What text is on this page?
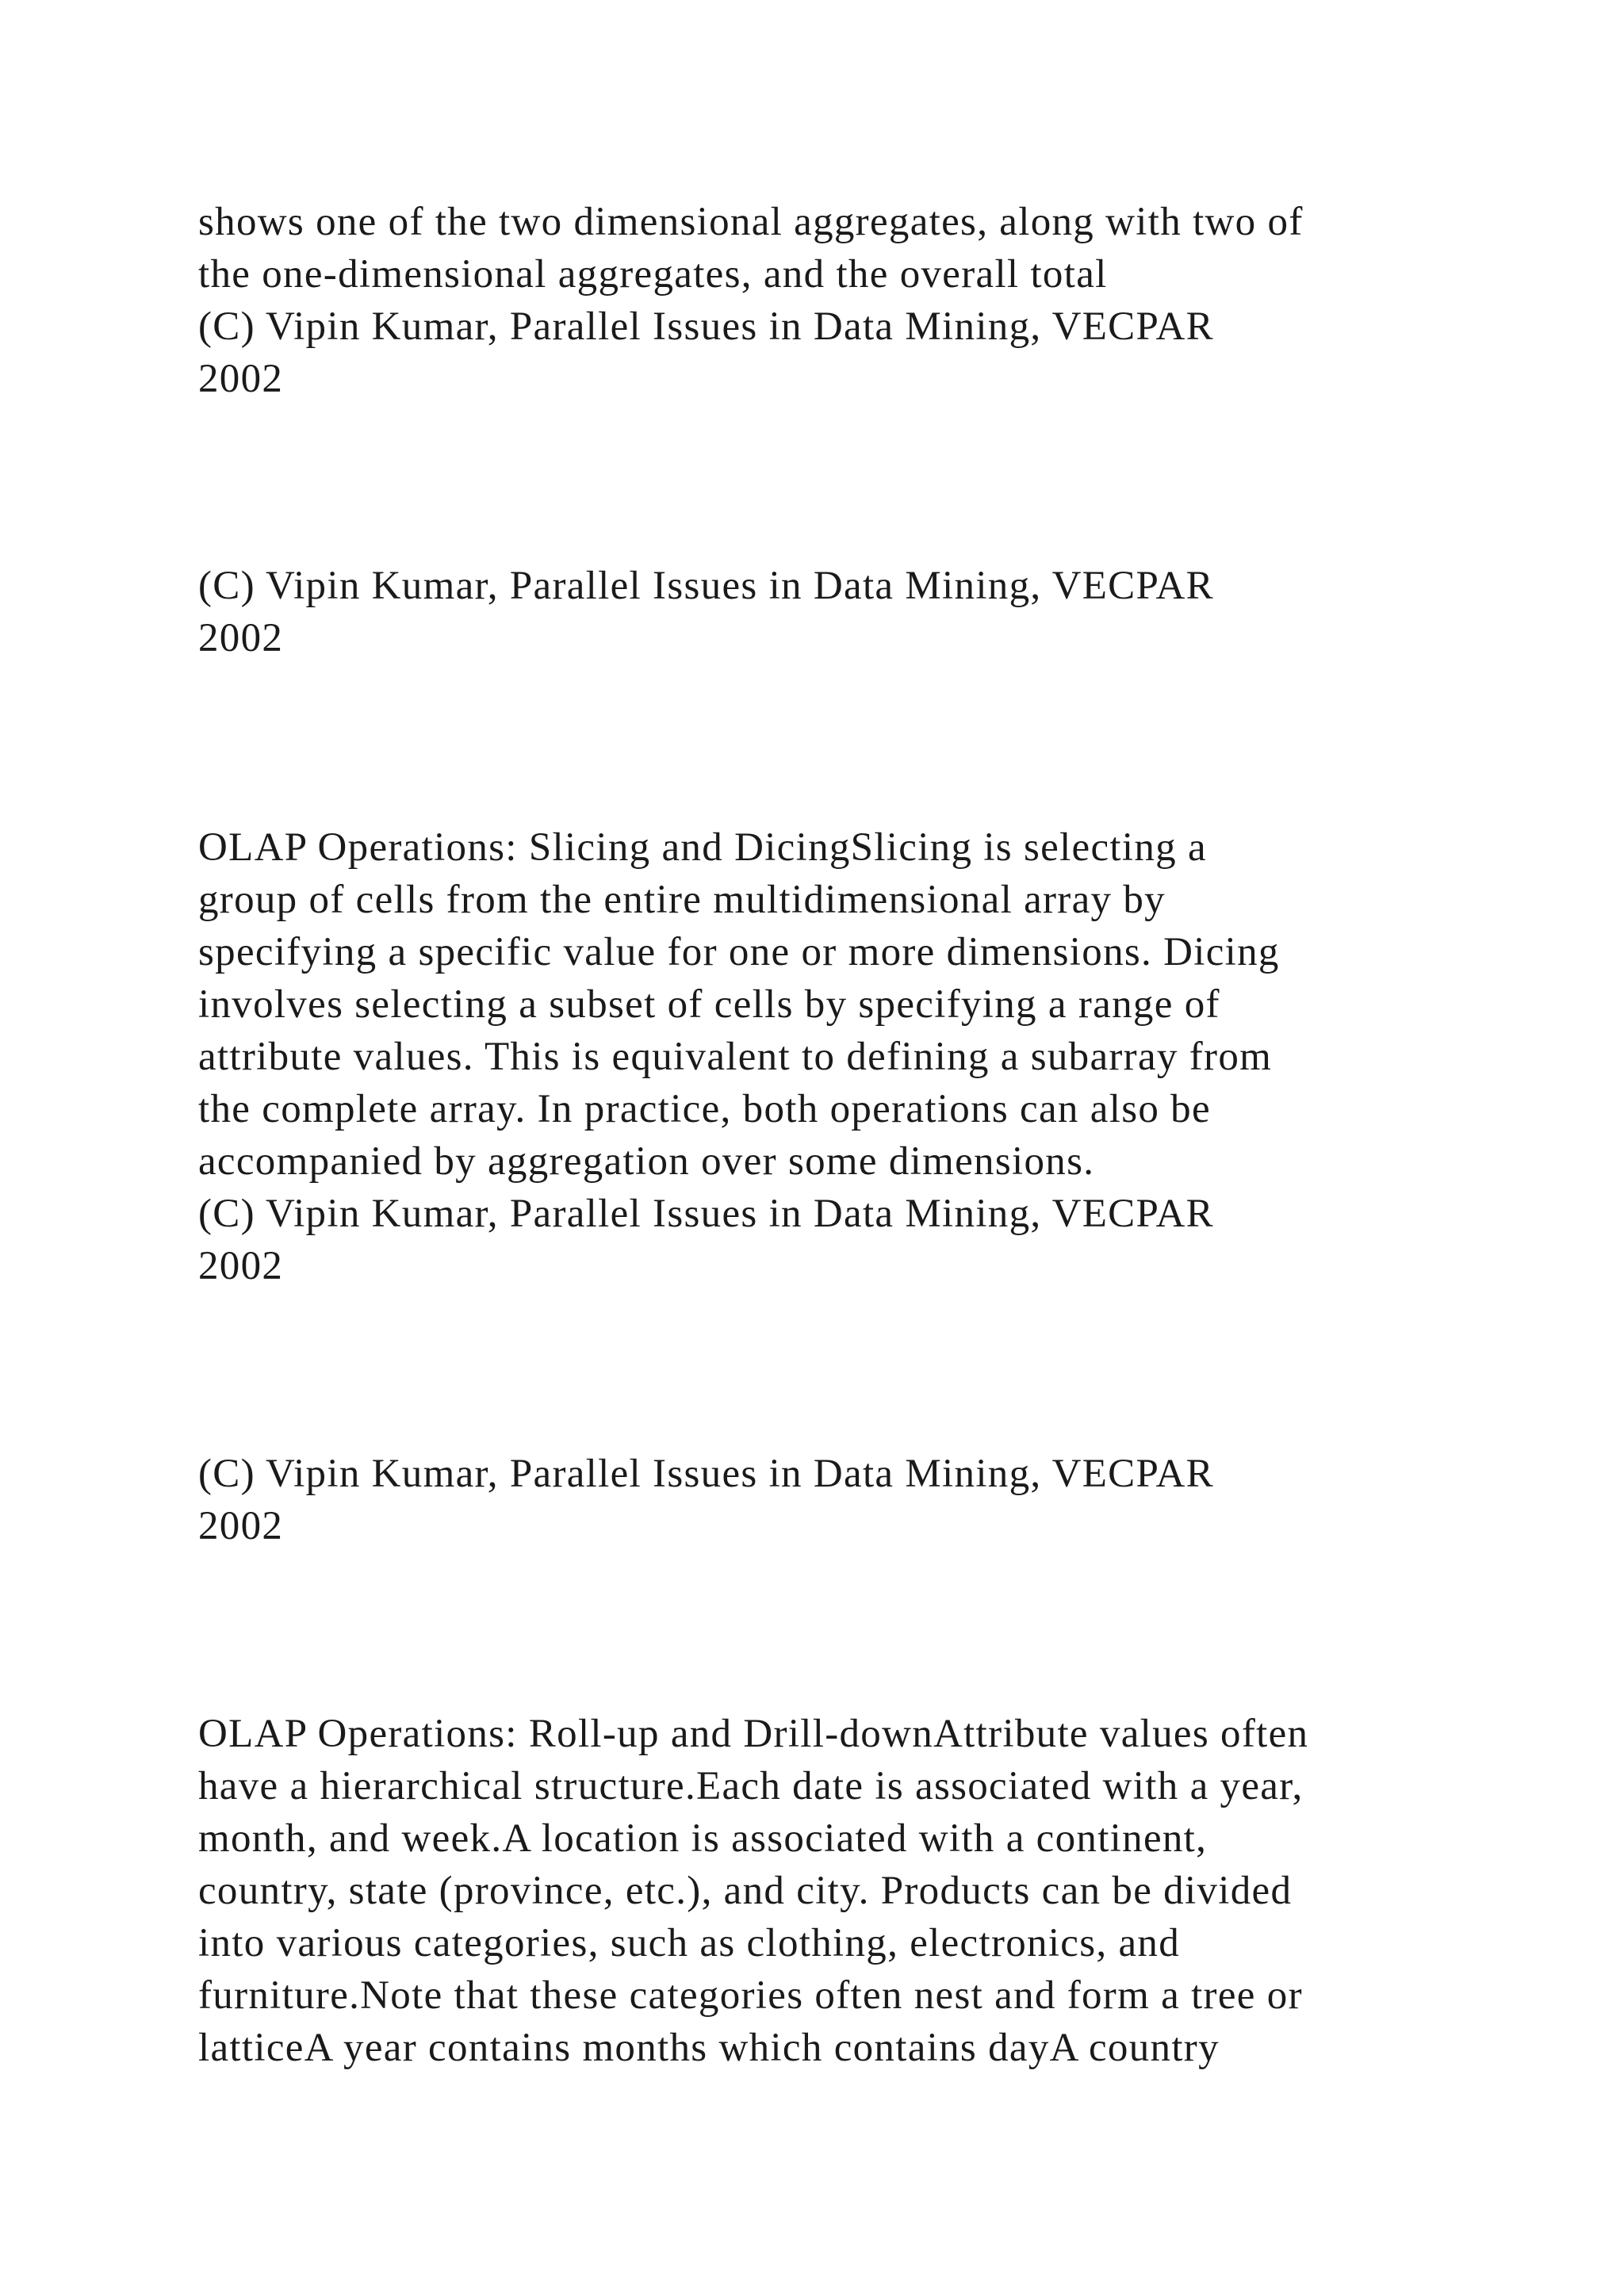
shows one of the two dimensional aggregates, along with two of
the one-dimensional aggregates, and the overall total
(C) Vipin Kumar, Parallel Issues in Data Mining, VECPAR
2002
(C) Vipin Kumar, Parallel Issues in Data Mining, VECPAR
2002
OLAP Operations: Slicing and DicingSlicing is selecting a
group of cells from the entire multidimensional array by
specifying a specific value for one or more dimensions. Dicing
involves selecting a subset of cells by specifying a range of
attribute values. This is equivalent to defining a subarray from
the complete array. In practice, both operations can also be
accompanied by aggregation over some dimensions.
(C) Vipin Kumar, Parallel Issues in Data Mining, VECPAR
2002
(C) Vipin Kumar, Parallel Issues in Data Mining, VECPAR
2002
OLAP Operations: Roll-up and Drill-downAttribute values often
have a hierarchical structure.Each date is associated with a year,
month, and week.A location is associated with a continent,
country, state (province, etc.), and city. Products can be divided
into various categories, such as clothing, electronics, and
furniture.Note that these categories often nest and form a tree or
latticeA year contains months which contains dayA country
